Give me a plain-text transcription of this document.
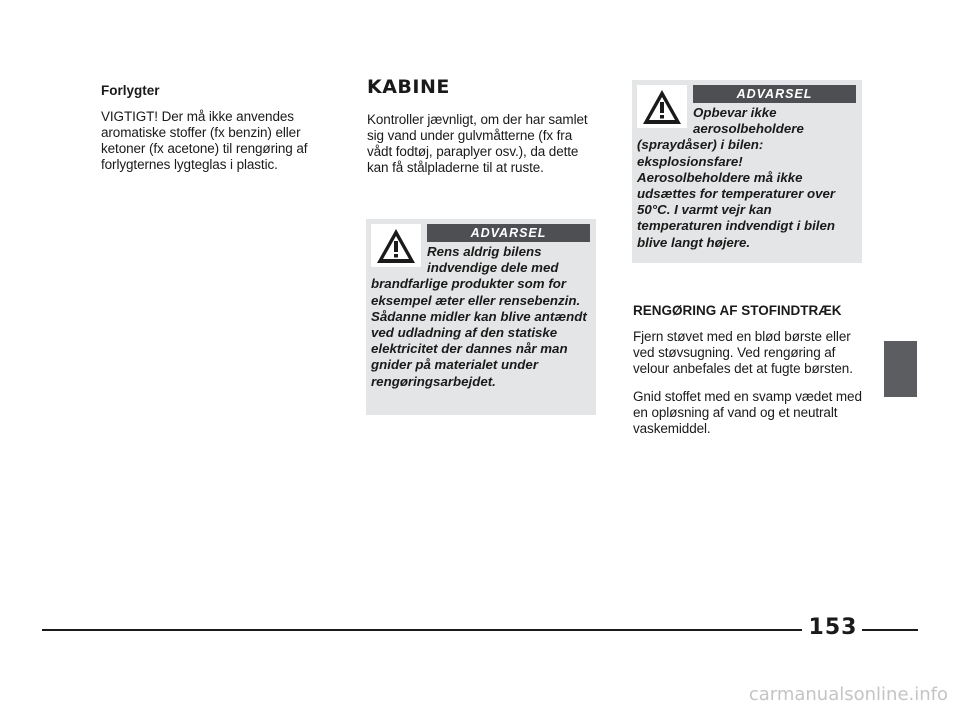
Forlygter

VIGTIGT! Der må ikke anvendes aromatiske stoffer (fx benzin) eller ketoner (fx acetone) til rengøring af forlygternes lygteglas i plastic.

KABINE

Kontroller jævnligt, om der har samlet sig vand under gulvmåtterne (fx fra vådt fodtøj, paraplyer osv.), da dette kan få stålpladerne til at ruste.

ADVARSEL
Rens aldrig bilens indvendige dele med brandfarlige produkter som for eksempel æter eller rensebenzin. Sådanne midler kan blive antændt ved udladning af den statiske elektricitet der dannes når man gnider på materialet under rengøringsarbejdet.
ADVARSEL
Opbevar ikke aerosolbeholdere (spraydåser) i bilen: eksplosionsfare! Aerosolbeholdere må ikke udsættes for temperaturer over 50°C. I varmt vejr kan temperaturen indvendigt i bilen blive langt højere.
RENGØRING AF STOFINDTRÆK

Fjern støvet med en blød børste eller ved støvsugning. Ved rengøring af velour anbefales det at fugte børsten.

Gnid stoffet med en svamp vædet med en opløsning af vand og et neutralt vaskemiddel.

153
carmanualsonline.info
